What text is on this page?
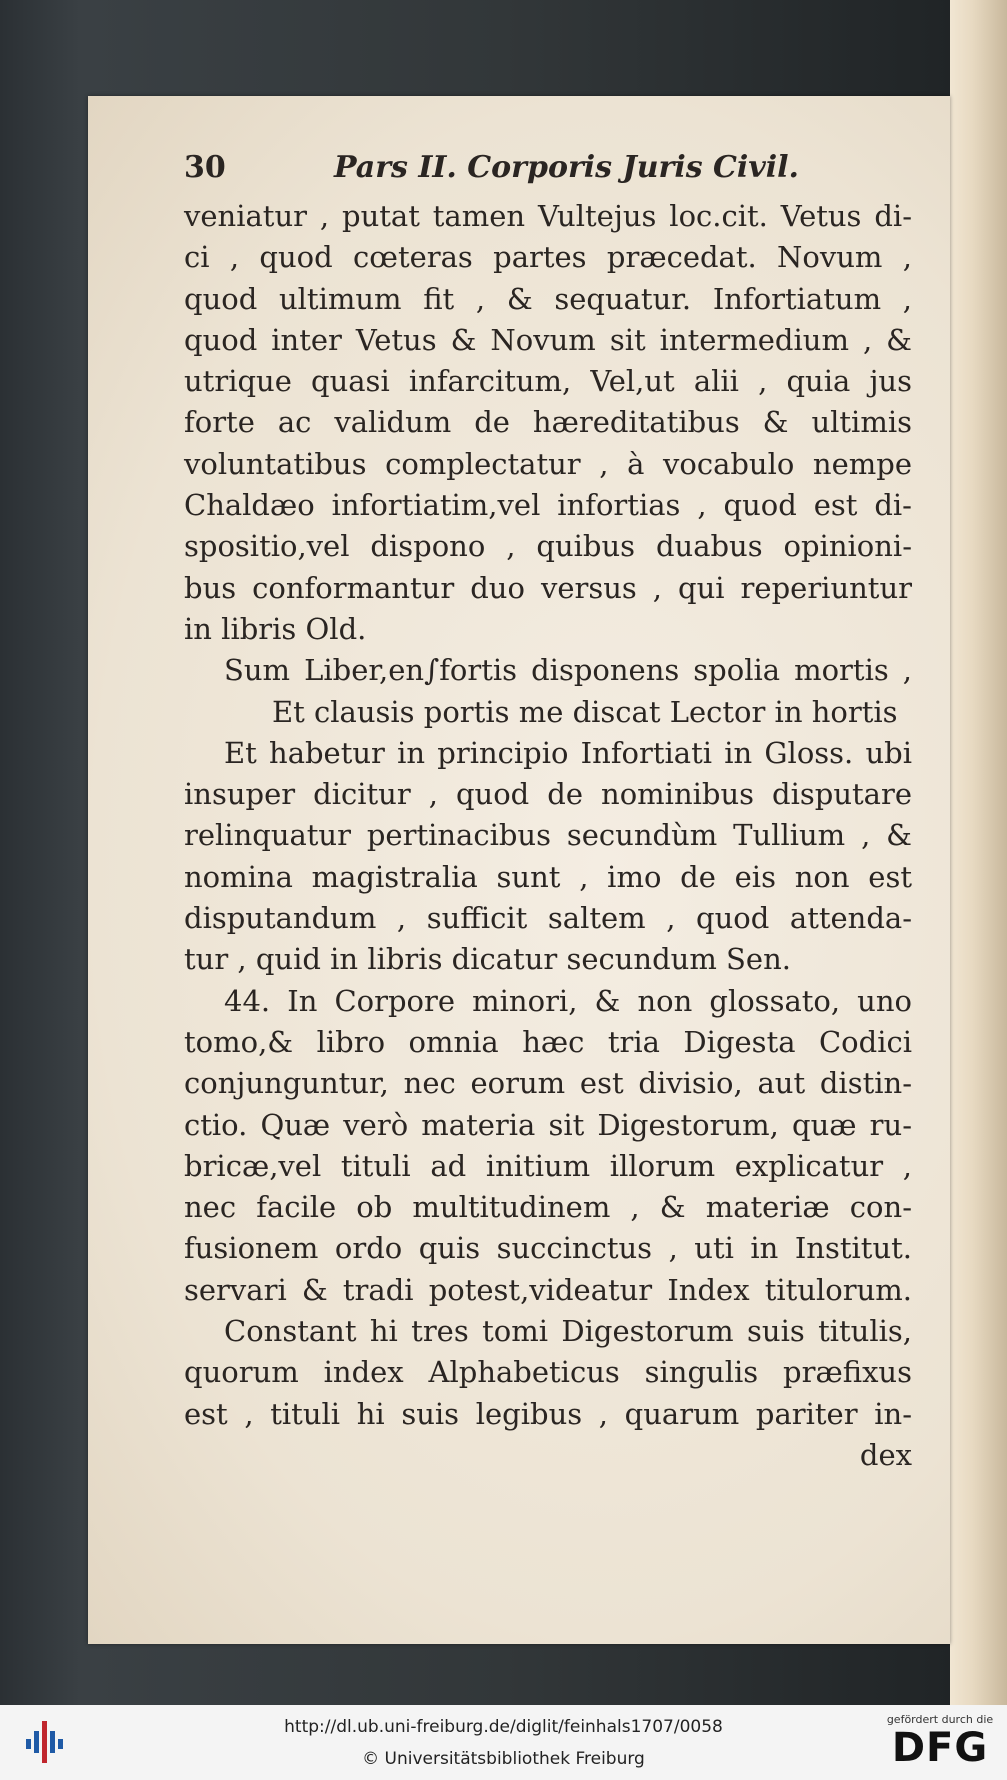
30	Pars II. Corporis Juris Civil.
veniatur , putat tamen Vultejus loc.cit. Vetus di-
ci , quod cœteras partes præcedat. Novum ,
quod ultimum fit , & sequatur. Infortiatum ,
quod inter Vetus & Novum sit intermedium , &
utrique quasi infarcitum, Vel,ut alii , quia jus
forte ac validum de hæreditatibus & ultimis
voluntatibus complectatur , à vocabulo nempe
Chaldæo infortiatim,vel infortias , quod est di-
spositio,vel dispono , quibus duabus opinioni-
bus conformantur duo versus , qui reperiuntur
in libris Old.
Sum Liber,en∫fortis disponens spolia mortis ,
Et clausis portis me discat Lector in hortis
Et habetur in principio Infortiati in Gloss. ubi
insuper dicitur , quod de nominibus disputare
relinquatur pertinacibus secundùm Tullium , &
nomina magistralia sunt , imo de eis non est
disputandum , sufficit saltem , quod attenda-
tur , quid in libris dicatur secundum Sen.
44. In Corpore minori, & non glossato, uno
tomo,& libro omnia hæc tria Digesta Codici
conjunguntur, nec eorum est divisio, aut distin-
ctio. Quæ verò materia sit Digestorum, quæ ru-
bricæ,vel tituli ad initium illorum explicatur ,
nec facile ob multitudinem , & materiæ con-
fusionem ordo quis succinctus , uti in Institut.
servari & tradi potest,videatur Index titulorum.
Constant hi tres tomi Digestorum suis titulis,
quorum index Alphabeticus singulis præfixus
est , tituli hi suis legibus , quarum pariter in-
dex
http://dl.ub.uni-freiburg.de/diglit/feinhals1707/0058
© Universitätsbibliothek Freiburg
gefördert durch die
DFG
